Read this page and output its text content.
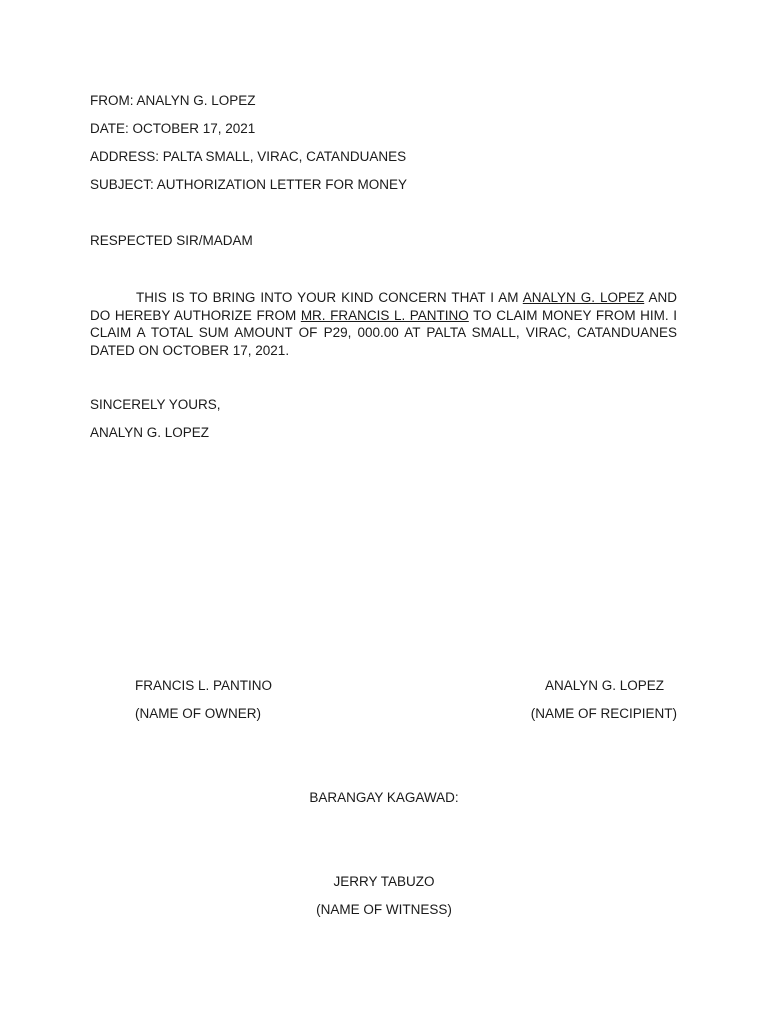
FROM: ANALYN G. LOPEZ
DATE: OCTOBER 17, 2021
ADDRESS: PALTA SMALL, VIRAC, CATANDUANES
SUBJECT: AUTHORIZATION LETTER FOR MONEY
RESPECTED SIR/MADAM
THIS IS TO BRING INTO YOUR KIND CONCERN THAT I AM ANALYN G. LOPEZ AND DO HEREBY AUTHORIZE FROM MR. FRANCIS L. PANTINO TO CLAIM MONEY FROM HIM. I CLAIM A TOTAL SUM AMOUNT OF P29, 000.00 AT PALTA SMALL, VIRAC, CATANDUANES DATED ON OCTOBER 17, 2021.
SINCERELY YOURS,
ANALYN G. LOPEZ
FRANCIS L. PANTINO
(NAME OF OWNER)
ANALYN G. LOPEZ
(NAME OF RECIPIENT)
BARANGAY KAGAWAD:
JERRY TABUZO
(NAME OF WITNESS)
